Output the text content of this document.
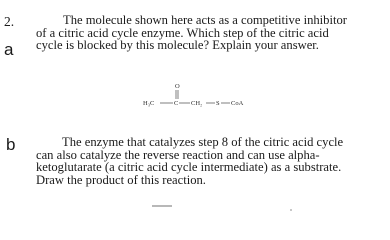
2.
a

The molecule shown here acts as a competitive inhibitor
of a citric acid cycle enzyme. Which step of the citric acid
cycle is blocked by this molecule? Explain your answer.

O
H₃C	C CH₂ S CoA
b	The enzyme that catalyzes step 8 of the citric acid cycle
can also catalyze the reverse reaction and can use alpha-
ketoglutarate (a citric acid cycle intermediate) as a substrate.
Draw the product of this reaction.
